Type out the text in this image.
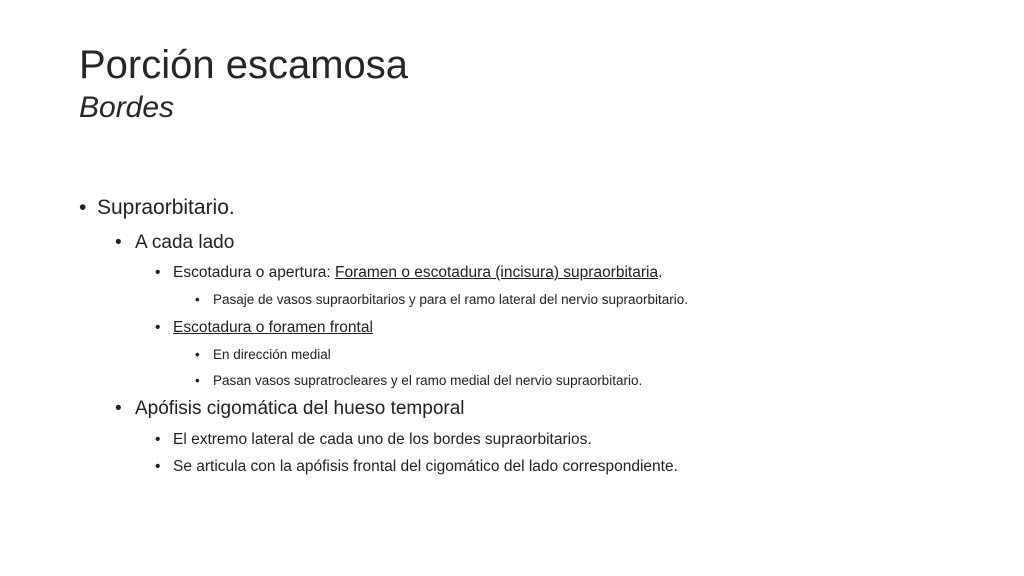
Porción escamosa
Bordes
• Supraorbitario.
• A cada lado
• Escotadura o apertura: Foramen o escotadura (incisura) supraorbitaria.
• Pasaje de vasos supraorbitarios y para el ramo lateral del nervio supraorbitario.
• Escotadura o foramen frontal
• En dirección medial
• Pasan vasos supratrocleares y el ramo medial del nervio supraorbitario.
• Apófisis cigomática del hueso temporal
• El extremo lateral de cada uno de los bordes supraorbitarios.
• Se articula con la apófisis frontal del cigomático del lado correspondiente.
